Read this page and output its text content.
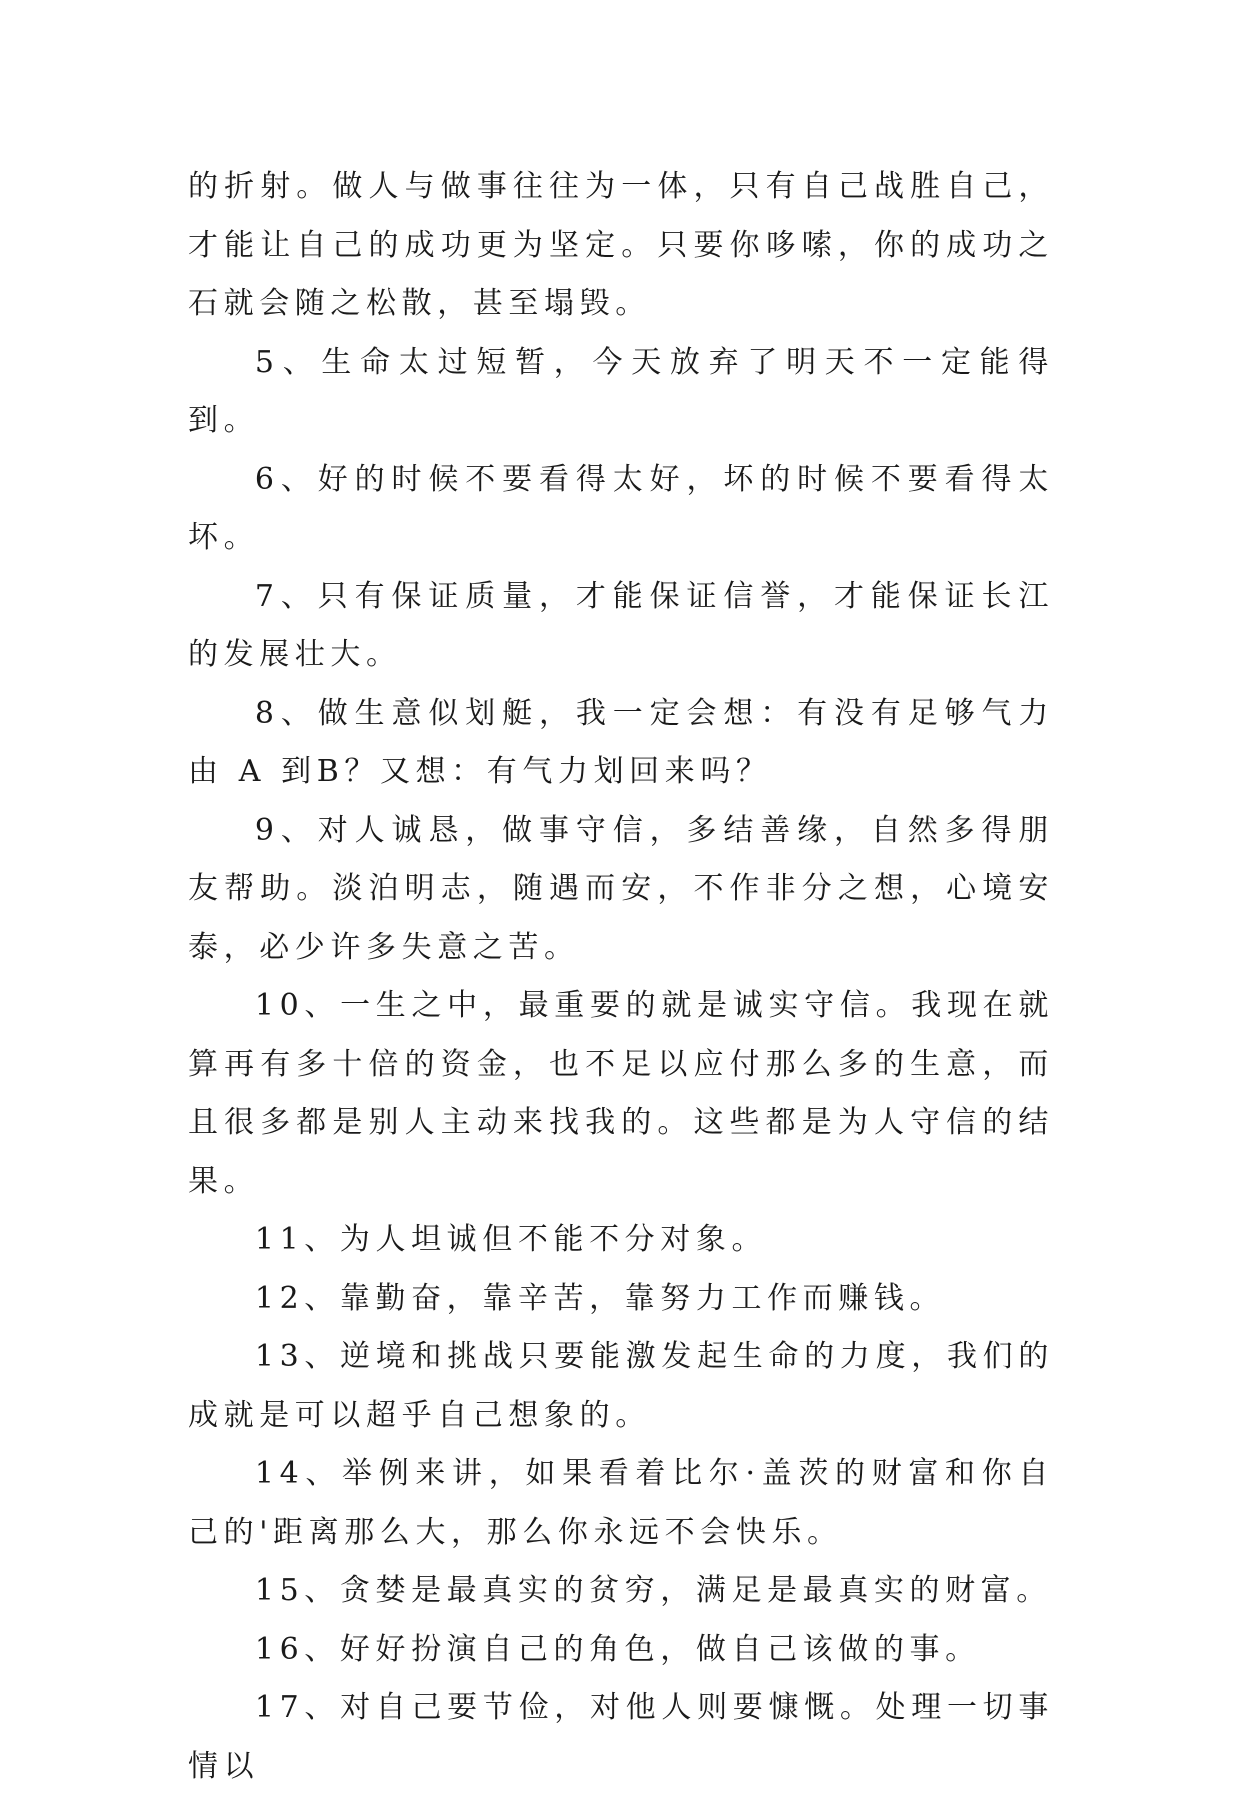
的折射。做人与做事往往为一体，只有自己战胜自己，才能让自己的成功更为坚定。只要你哆嗦，你的成功之石就会随之松散，甚至塌毁。

5、生命太过短暂，今天放弃了明天不一定能得到。

6、好的时候不要看得太好，坏的时候不要看得太坏。

7、只有保证质量，才能保证信誉，才能保证长江的发展壮大。

8、做生意似划艇，我一定会想：有没有足够气力由 A 到B？又想：有气力划回来吗？

9、对人诚恳，做事守信，多结善缘，自然多得朋友帮助。淡泊明志，随遇而安，不作非分之想，心境安泰，必少许多失意之苦。

10、一生之中，最重要的就是诚实守信。我现在就算再有多十倍的资金，也不足以应付那么多的生意，而且很多都是别人主动来找我的。这些都是为人守信的结果。

11、为人坦诚但不能不分对象。

12、靠勤奋，靠辛苦，靠努力工作而赚钱。

13、逆境和挑战只要能激发起生命的力度，我们的成就是可以超乎自己想象的。

14、举例来讲，如果看着比尔·盖茨的财富和你自己的'距离那么大，那么你永远不会快乐。

15、贪婪是最真实的贫穷，满足是最真实的财富。

16、好好扮演自己的角色，做自己该做的事。

17、对自己要节俭，对他人则要慷慨。处理一切事情以
